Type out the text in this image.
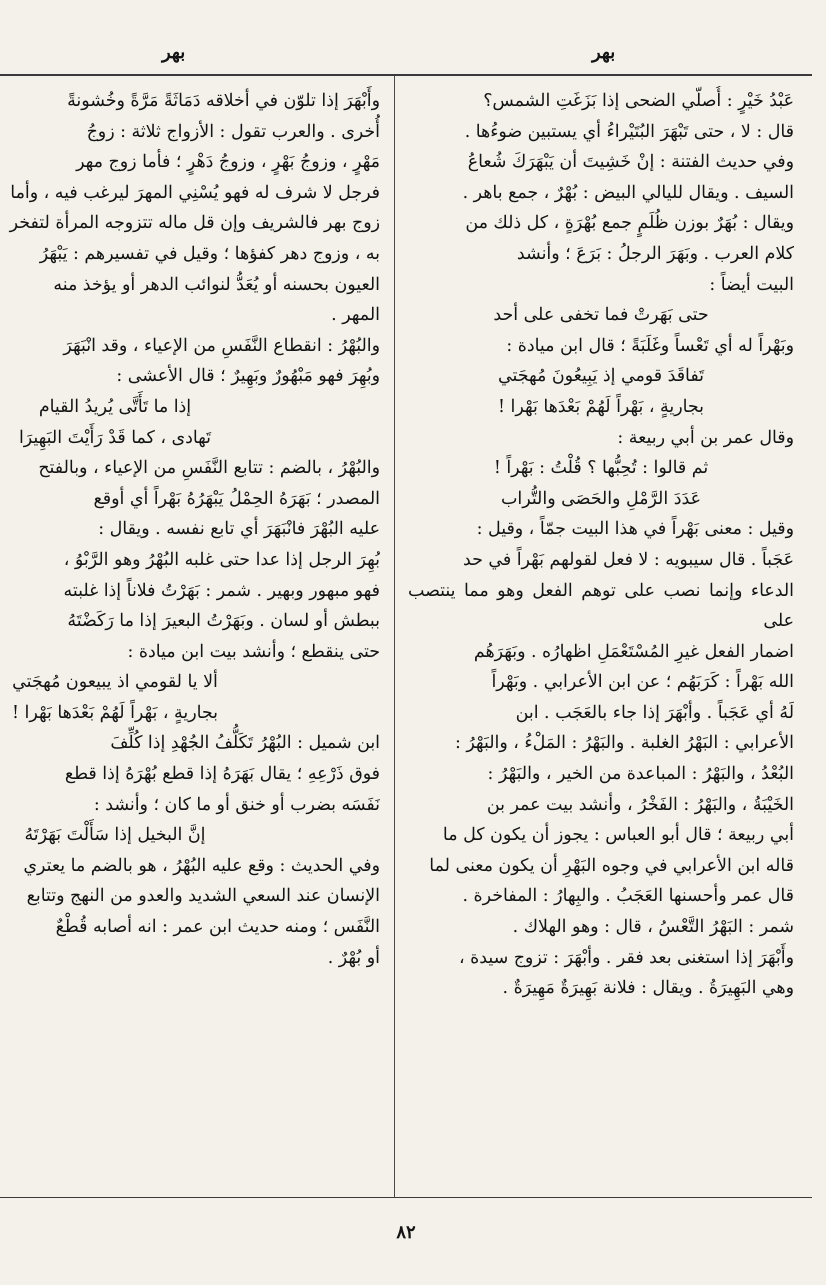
بهر
بهر

عَبْدُ خَيْرٍ : أُصلّي الضحى إذا بَزَغَتِ الشمس؟

قال : لا ، حتى تَبْهَرَ البُتَيْراءُ أي يستبين ضوءُها .

وفي حديث الفتنة : إنْ خَشِيتَ أن يَبْهَرَكَ شُعاعُ

السيف . ويقال لليالي البيض : بُهْرٌ ، جمع باهر .

ويقال : بُهَرٌ بوزن ظُلَمٍ جمع بُهْرَةٍ ، كل ذلك من

كلام العرب . وبَهَرَ الرجلُ : بَرَعَ ؛ وأنشد

البيت أيضاً :

حتى بَهَرتْ فما تخفى على أحد

وبَهْراً له أي تَعْساً وغَلَبَةً ؛ قال ابن ميادة :

تَفاقَدَ قومي إذ يَبِيعُونَ مُهجَتي

بجاريةٍ ، بَهْراً لَهُمْ بَعْدَها بَهْرا !

وقال عمر بن أبي ربيعة :

ثم قالوا : تُحِبُّها ؟ قُلْتُ : بَهْراً !

عَدَدَ الرَّمْلِ والحَصَى والتُّراب

وقيل : معنى بَهْراً في هذا البيت جمّاً ، وقيل :

عَجَباً . قال سيبويه : لا فعل لقولهم بَهْراً في حد

الدعاء وإنما نصب على توهم الفعل وهو مما ينتصب على

اضمار الفعل غيرِ المُسْتَعْمَلِ اظهارُه . وبَهَرَهُم

الله بَهْراً : كَرَبَهُم ؛ عن ابن الأعرابي . وبَهْراً

لَهُ أي عَجَباً . وأبْهَرَ إذا جاء بالعَجَب . ابن

الأعرابي : البَهْرُ الغلبة . والبَهْرُ : المَلْءُ ، والبَهْرُ :

البُعْدُ ، والبَهْرُ : المباعدة من الخير ، والبَهْرُ :

الخَيْبَةُ ، والبَهْرُ : الفَخْرُ ، وأنشد بيت عمر بن

أبي ربيعة ؛ قال أبو العباس : يجوز أن يكون كل ما

قاله ابن الأعرابي في وجوه البَهْرِ أن يكون معنى لما

قال عمر وأحسنها العَجَبُ . والبِهارُ : المفاخرة .

شمر : البَهْرُ التَّعْسُ ، قال : وهو الهلاك .

وأَبْهَرَ إذا استغنى بعد فقر . وأبْهَرَ : تزوج سيدة ،

وهي البَهِيرَةُ . ويقال : فلانة بَهِيرَةٌ مَهِيرَةٌ .

وأَبْهَرَ إذا تلوّن في أخلاقه دَمَاثَةً مَرَّةً وخُشونةً

أُخرى . والعرب تقول : الأزواج ثلاثة : زوجُ

مَهْرٍ ، وزوجُ بَهْرٍ ، وزوجُ دَهْرٍ ؛ فأما زوج مهر

فرجل لا شرف له فهو يُسْنِي المهرَ ليرغب فيه ، وأما

زوج بهر فالشريف وإن قل ماله تتزوجه المرأة لتفخر

به ، وزوج دهر كفؤها ؛ وقيل في تفسيرهم : يَبْهَرُ

العيون بحسنه أو يُعَدُّ لنوائب الدهر أو يؤخذ منه

المهر .

والبُهْرُ : انقطاع النَّفَسِ من الإعياء ، وقد انْبَهَرَ

وبُهِرَ فهو مَبْهُورٌ وبَهِيرٌ ؛ قال الأعشى :

إذا ما تَأَتَّى يُريدُ القيام

تَهادى ، كما قَدْ رَأَيْتَ البَهِيرَا

والبُهْرُ ، بالضم : تتابع النَّفَسِ من الإعياء ، وبالفتح

المصدر ؛ بَهَرَهُ الحِمْلُ يَبْهَرُهُ بَهْراً أي أوقع

عليه البُهْرَ فانْبَهَرَ أي تابع نفسه . ويقال :

بُهِرَ الرجل إذا عدا حتى غلبه البُهْرُ وهو الرَّبْوُ ،

فهو مبهور وبهير . شمر : بَهَرْتُ فلاناً إذا غلبته

ببطش أو لسان . وبَهَرْتُ البعيرَ إذا ما رَكَضْتَهُ

حتى ينقطع ؛ وأنشد بيت ابن ميادة :

ألا يا لقومي اذ يبيعون مُهجَتي

بجاريةٍ ، بَهْراً لَهُمْ بَعْدَها بَهْرا !

ابن شميل : البُهْرُ تَكَلُّفُ الجُهْدِ إذا كُلِّفَ

فوق ذَرْعِهِ ؛ يقال بَهَرَهُ إذا قطع بُهْرَهُ إذا قطع

نَفَسَه بضرب أو خنق أو ما كان ؛ وأنشد :

إنَّ البخيل إذا سَأَلْتَ بَهَرْتَهُ

وفي الحديث : وقع عليه البُهْرُ ، هو بالضم ما يعتري

الإنسان عند السعي الشديد والعدو من النهج وتتابع

النَّفَس ؛ ومنه حديث ابن عمر : انه أصابه قُطْعٌ

أو بُهْرٌ .

٨٢
